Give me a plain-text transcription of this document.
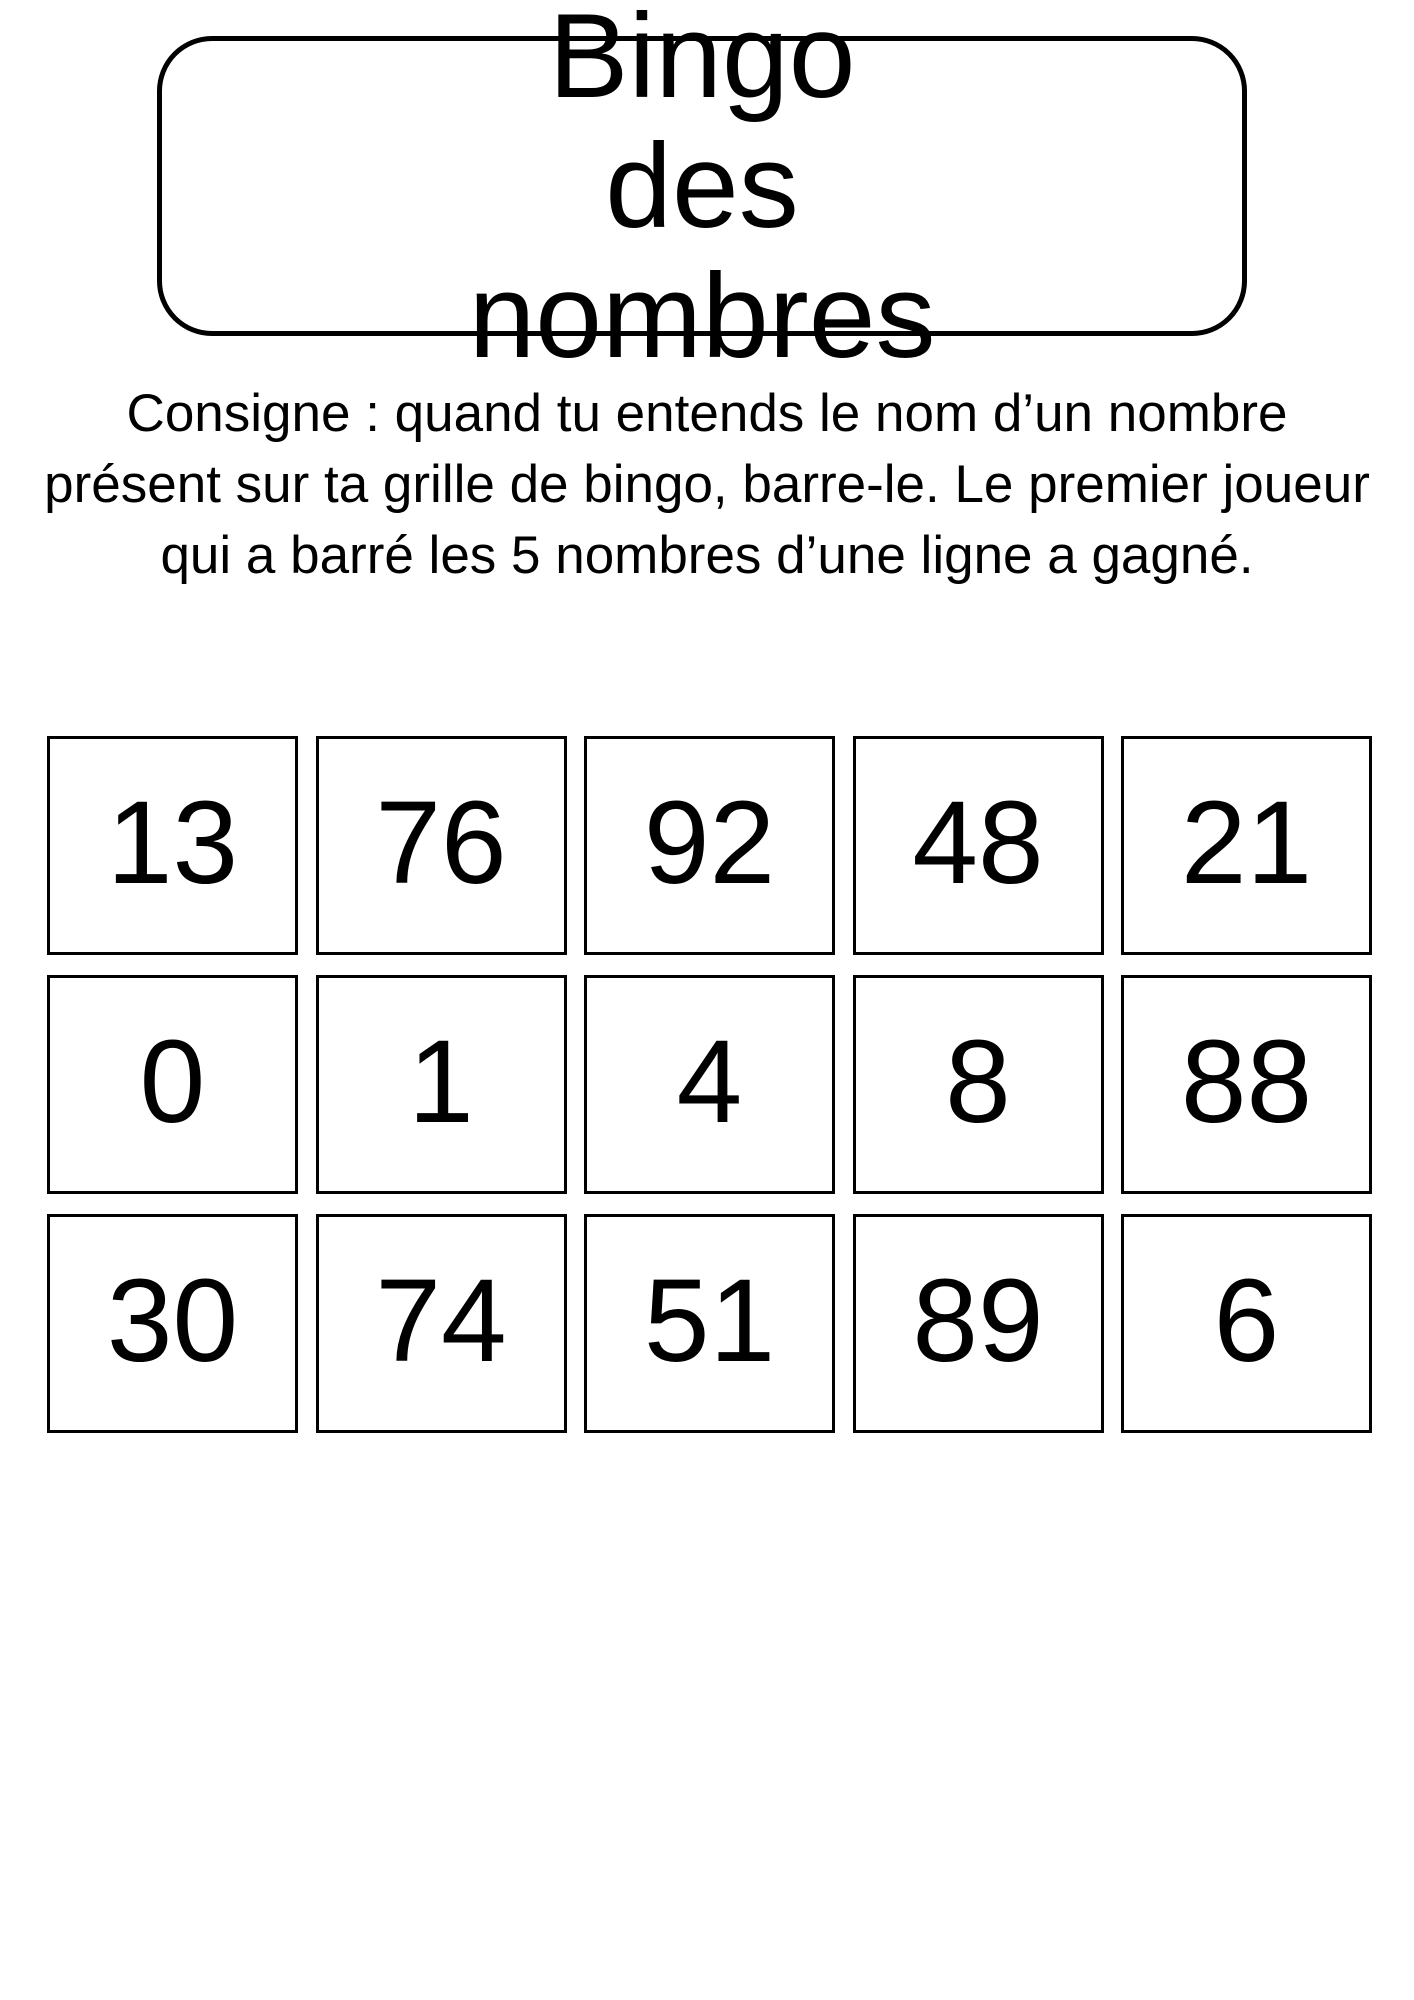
Bingo des nombres

Consigne : quand tu entends le nom d’un nombre présent sur ta grille de bingo, barre-le. Le premier joueur qui a barré les 5 nombres d’une ligne a gagné.

13	76	92	48	21
0	1	4	8	88
30	74	51	89	6
